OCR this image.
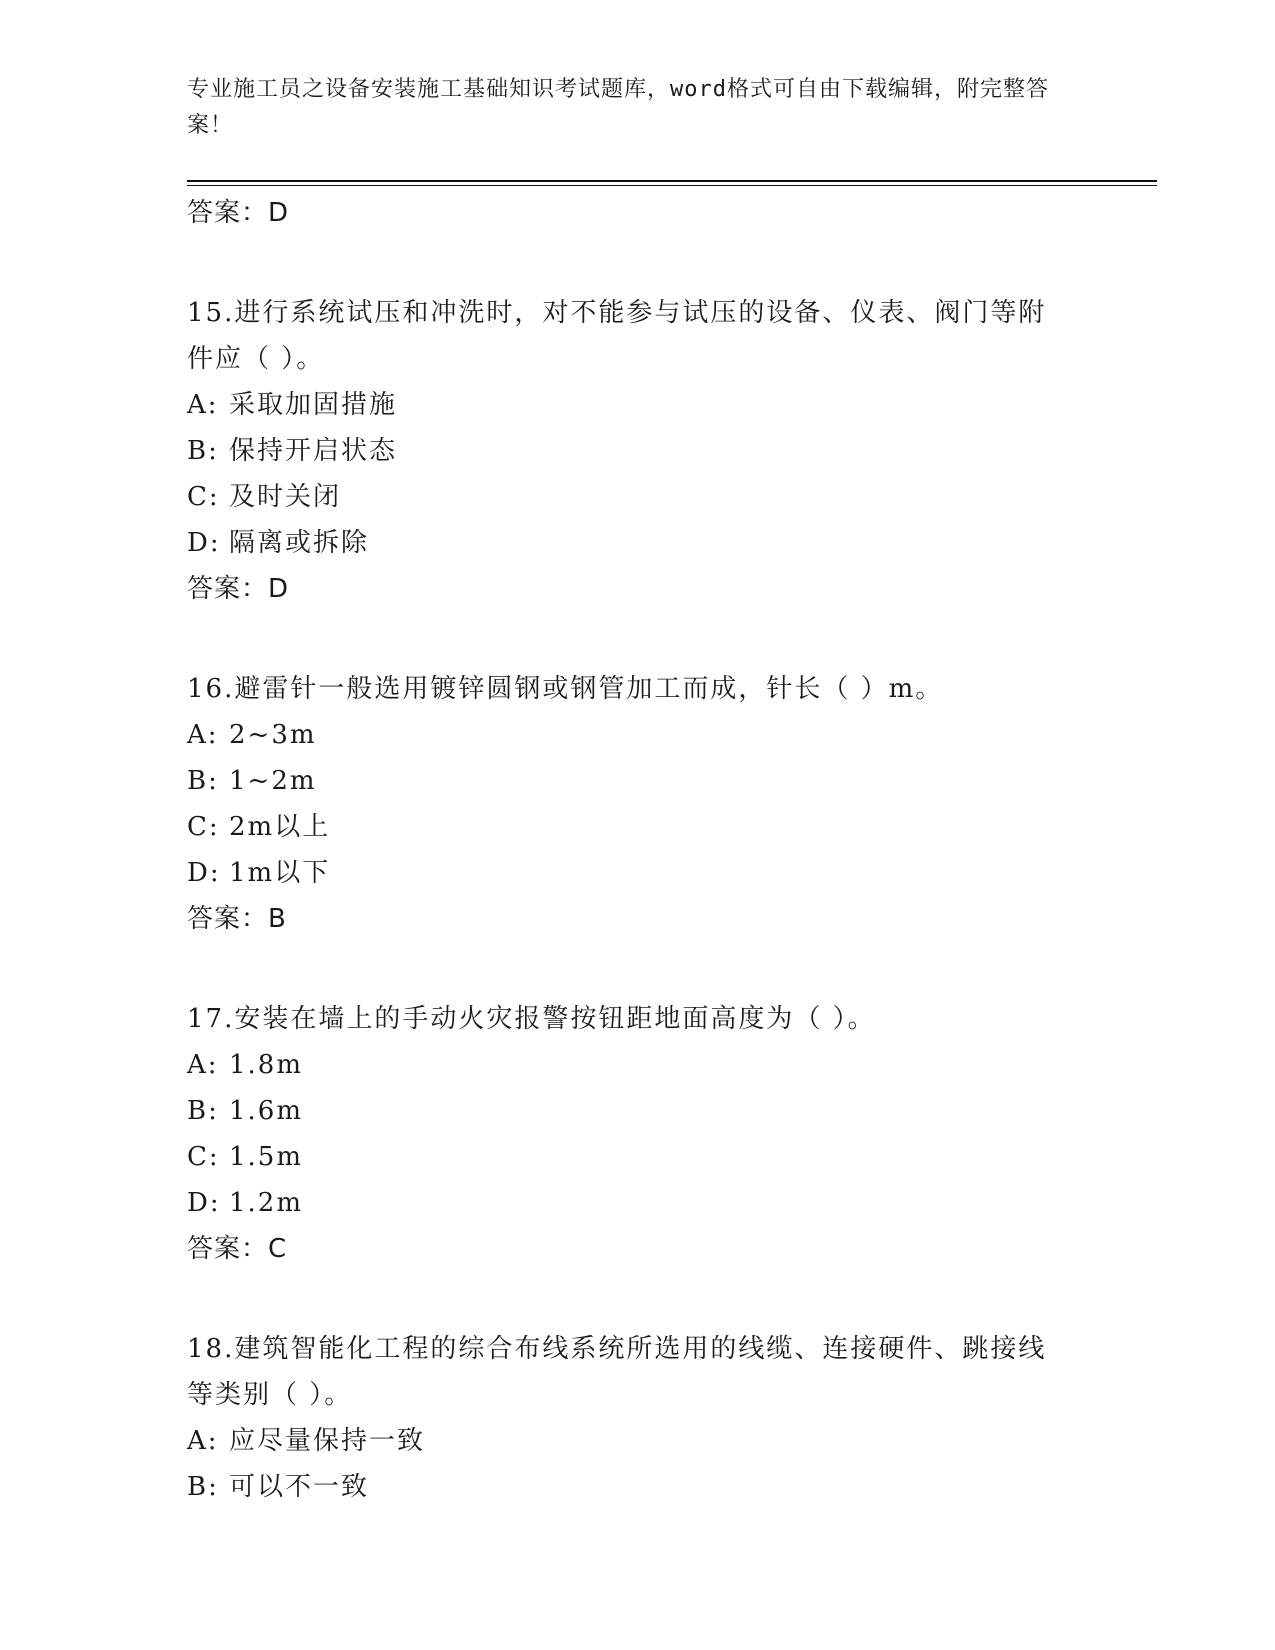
专业施工员之设备安装施工基础知识考试题库，word格式可自由下载编辑，附完整答案！

答案：D

15.进行系统试压和冲洗时，对不能参与试压的设备、仪表、阀门等附件应（ ）。

A: 采取加固措施

B: 保持开启状态

C: 及时关闭

D: 隔离或拆除

答案：D

16.避雷针一般选用镀锌圆钢或钢管加工而成，针长（ ）m。

A: 2~3m

B: 1~2m

C: 2m以上

D: 1m以下

答案：B

17.安装在墙上的手动火灾报警按钮距地面高度为（ ）。

A: 1.8m

B: 1.6m

C: 1.5m

D: 1.2m

答案：C

18.建筑智能化工程的综合布线系统所选用的线缆、连接硬件、跳接线等类别（ ）。

A: 应尽量保持一致

B: 可以不一致
